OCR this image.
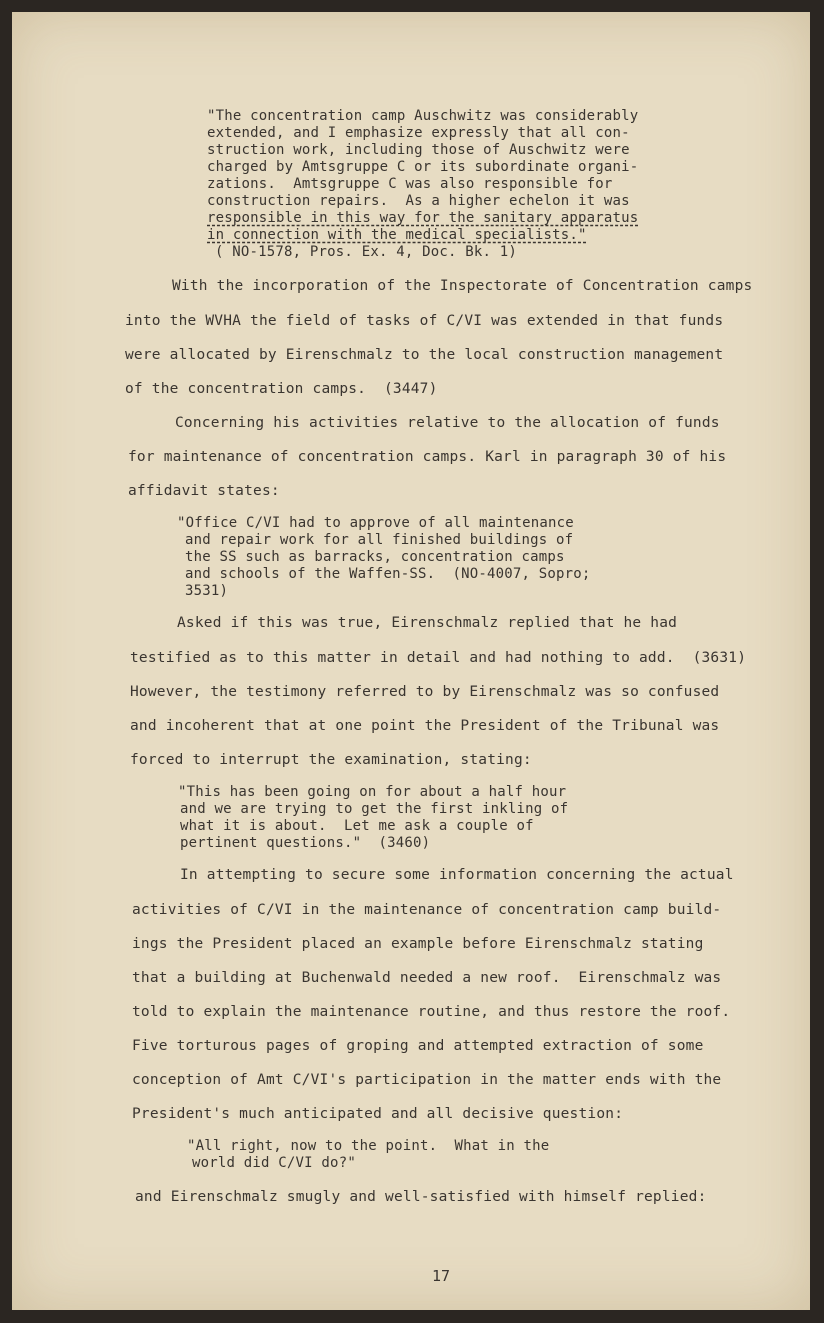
"The concentration camp Auschwitz was considerably
extended, and I emphasize expressly that all con-
struction work, including those of Auschwitz were
charged by Amtsgruppe C or its subordinate organi-
zations.  Amtsgruppe C was also responsible for
construction repairs.  As a higher echelon it was
responsible in this way for the sanitary apparatus
in connection with the medical specialists."
( NO-1578, Pros. Ex. 4, Doc. Bk. 1)
With the incorporation of the Inspectorate of Concentration camps
into the WVHA the field of tasks of C/VI was extended in that funds
were allocated by Eirenschmalz to the local construction management
of the concentration camps.  (3447)
Concerning his activities relative to the allocation of funds
for maintenance of concentration camps. Karl in paragraph 30 of his
affidavit states:
"Office C/VI had to approve of all maintenance
and repair work for all finished buildings of
the SS such as barracks, concentration camps
and schools of the Waffen-SS.  (NO-4007, Sopro;
3531)
Asked if this was true, Eirenschmalz replied that he had
testified as to this matter in detail and had nothing to add.  (3631)
However, the testimony referred to by Eirenschmalz was so confused
and incoherent that at one point the President of the Tribunal was
forced to interrupt the examination, stating:
"This has been going on for about a half hour
and we are trying to get the first inkling of
what it is about.  Let me ask a couple of
pertinent questions."  (3460)
In attempting to secure some information concerning the actual
activities of C/VI in the maintenance of concentration camp build-
ings the President placed an example before Eirenschmalz stating
that a building at Buchenwald needed a new roof.  Eirenschmalz was
told to explain the maintenance routine, and thus restore the roof.
Five torturous pages of groping and attempted extraction of some
conception of Amt C/VI's participation in the matter ends with the
President's much anticipated and all decisive question:
"All right, now to the point.  What in the
world did C/VI do?"
and Eirenschmalz smugly and well-satisfied with himself replied:
17
